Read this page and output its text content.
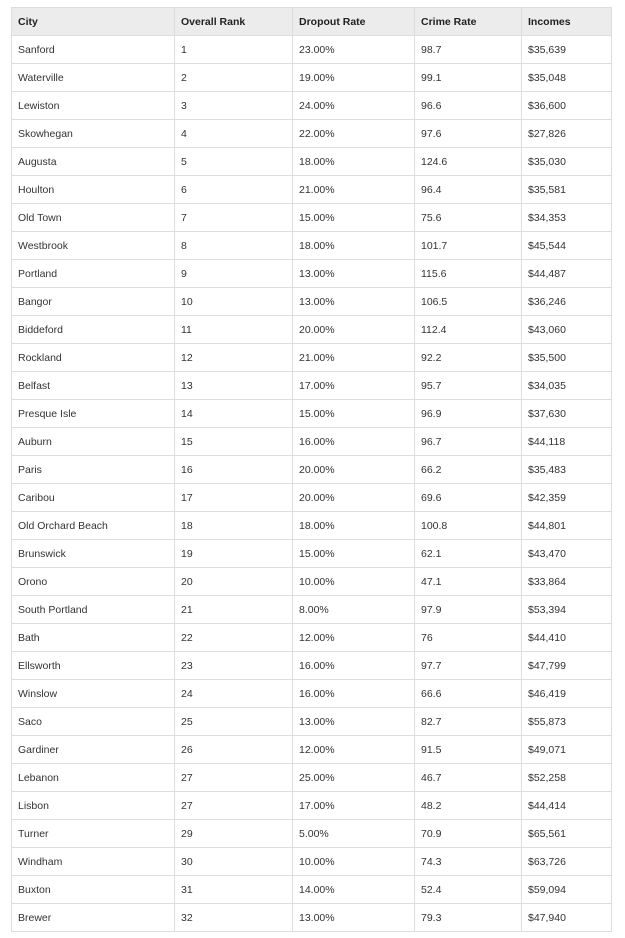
City	Overall Rank	Dropout Rate	Crime Rate	Incomes
Sanford	1	23.00%	98.7	$35,639
Waterville	2	19.00%	99.1	$35,048
Lewiston	3	24.00%	96.6	$36,600
Skowhegan	4	22.00%	97.6	$27,826
Augusta	5	18.00%	124.6	$35,030
Houlton	6	21.00%	96.4	$35,581
Old Town	7	15.00%	75.6	$34,353
Westbrook	8	18.00%	101.7	$45,544
Portland	9	13.00%	115.6	$44,487
Bangor	10	13.00%	106.5	$36,246
Biddeford	11	20.00%	112.4	$43,060
Rockland	12	21.00%	92.2	$35,500
Belfast	13	17.00%	95.7	$34,035
Presque Isle	14	15.00%	96.9	$37,630
Auburn	15	16.00%	96.7	$44,118
Paris	16	20.00%	66.2	$35,483
Caribou	17	20.00%	69.6	$42,359
Old Orchard Beach	18	18.00%	100.8	$44,801
Brunswick	19	15.00%	62.1	$43,470
Orono	20	10.00%	47.1	$33,864
South Portland	21	8.00%	97.9	$53,394
Bath	22	12.00%	76	$44,410
Ellsworth	23	16.00%	97.7	$47,799
Winslow	24	16.00%	66.6	$46,419
Saco	25	13.00%	82.7	$55,873
Gardiner	26	12.00%	91.5	$49,071
Lebanon	27	25.00%	46.7	$52,258
Lisbon	27	17.00%	48.2	$44,414
Turner	29	5.00%	70.9	$65,561
Windham	30	10.00%	74.3	$63,726
Buxton	31	14.00%	52.4	$59,094
Brewer	32	13.00%	79.3	$47,940
